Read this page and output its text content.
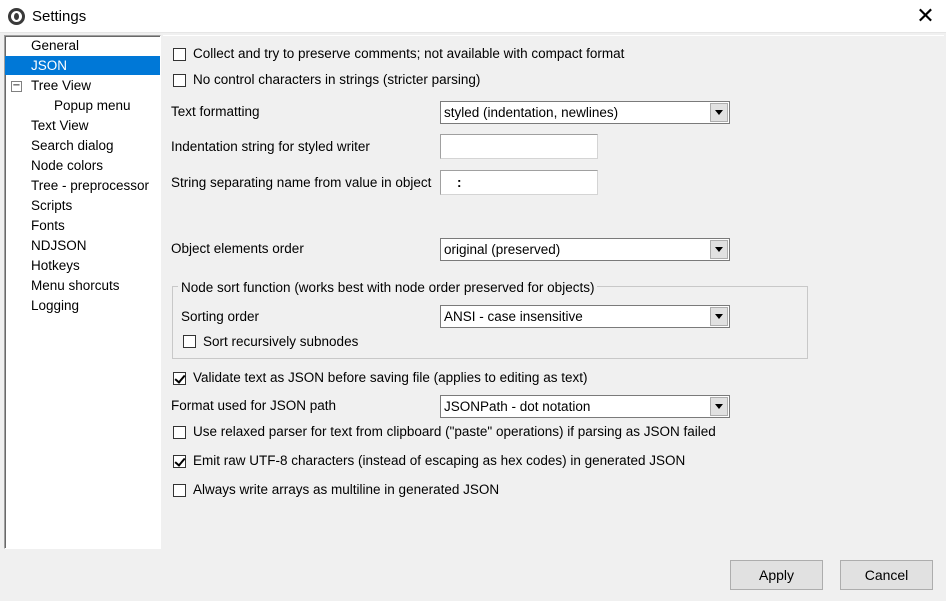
Settings	✕
General
JSON
− Tree View
Popup menu
Text View
Search dialog
Node colors
Tree - preprocessor
Scripts
Fonts
NDJSON
Hotkeys
Menu shorcuts
Logging
Collect and try to preserve comments; not available with compact format
No control characters in strings (stricter parsing)
Text formatting	styled (indentation, newlines)
Indentation string for styled writer
String separating name from value in object :
Object elements order	original (preserved)
Node sort function (works best with node order preserved for objects)
Sorting order	ANSI - case insensitive
Sort recursively subnodes
Validate text as JSON before saving file (applies to editing as text)
Format used for JSON path	JSONPath - dot notation
Use relaxed parser for text from clipboard ("paste" operations) if parsing as JSON failed
Emit raw UTF-8 characters (instead of escaping as hex codes) in generated JSON
Always write arrays as multiline in generated JSON
Apply	Cancel
